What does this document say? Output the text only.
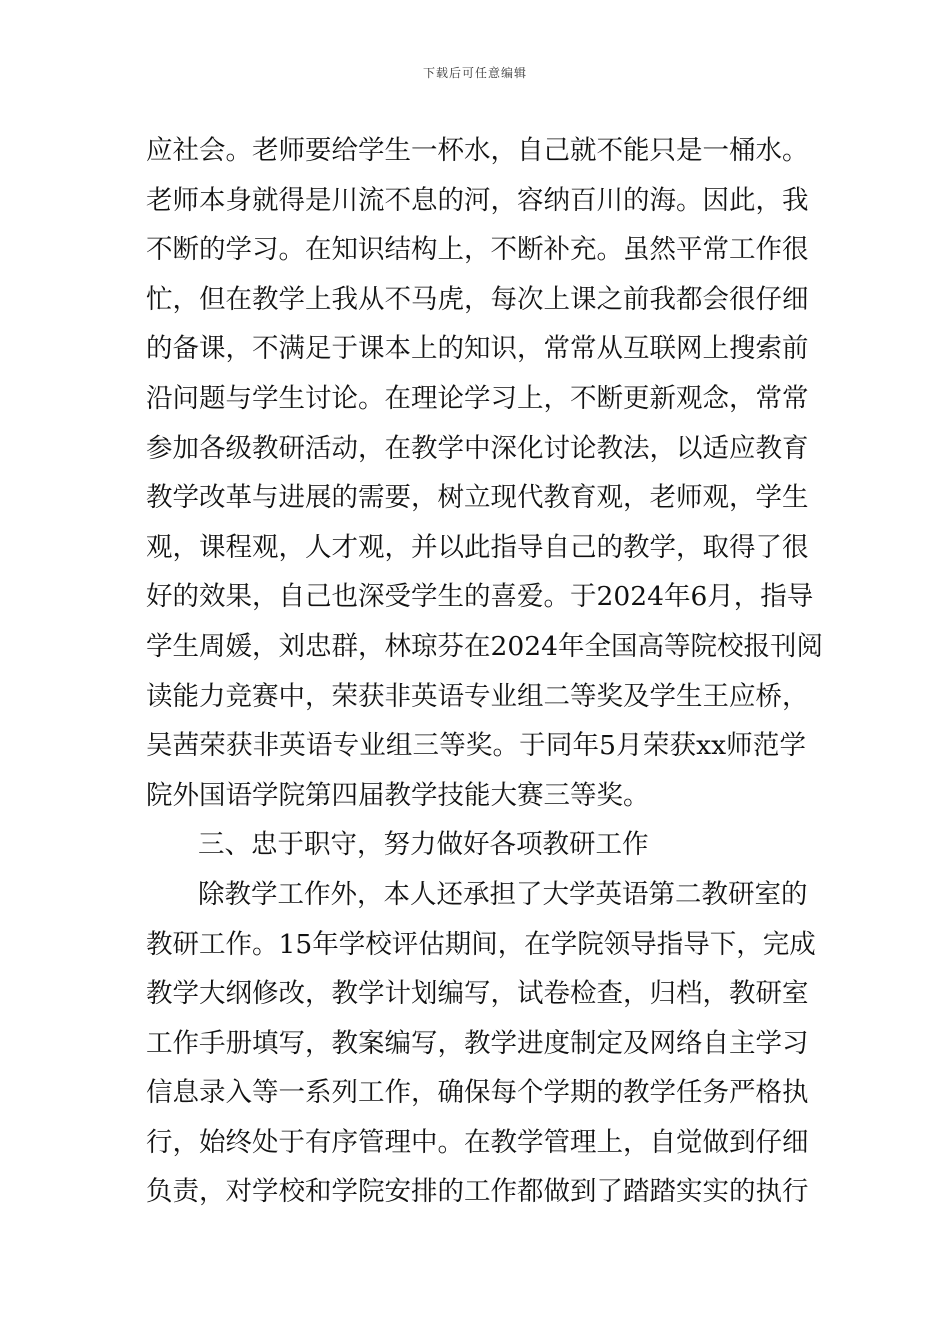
下载后可任意编辑
应社会。老师要给学生一杯水，自己就不能只是一桶水。
老师本身就得是川流不息的河，容纳百川的海。因此，我
不断的学习。在知识结构上，不断补充。虽然平常工作很
忙，但在教学上我从不马虎，每次上课之前我都会很仔细
的备课，不满足于课本上的知识，常常从互联网上搜索前
沿问题与学生讨论。在理论学习上，不断更新观念，常常
参加各级教研活动，在教学中深化讨论教法，以适应教育
教学改革与进展的需要，树立现代教育观，老师观，学生
观，课程观，人才观，并以此指导自己的教学，取得了很
好的效果，自己也深受学生的喜爱。于2024年6月，指导
学生周媛，刘忠群，林琼芬在2024年全国高等院校报刊阅
读能力竞赛中，荣获非英语专业组二等奖及学生王应桥，
吴茜荣获非英语专业组三等奖。于同年5月荣获xx师范学
院外国语学院第四届教学技能大赛三等奖。
三、忠于职守，努力做好各项教研工作
除教学工作外，本人还承担了大学英语第二教研室的
教研工作。15年学校评估期间，在学院领导指导下，完成
教学大纲修改，教学计划编写，试卷检查，归档，教研室
工作手册填写，教案编写，教学进度制定及网络自主学习
信息录入等一系列工作，确保每个学期的教学任务严格执
行，始终处于有序管理中。在教学管理上，自觉做到仔细
负责，对学校和学院安排的工作都做到了踏踏实实的执行
